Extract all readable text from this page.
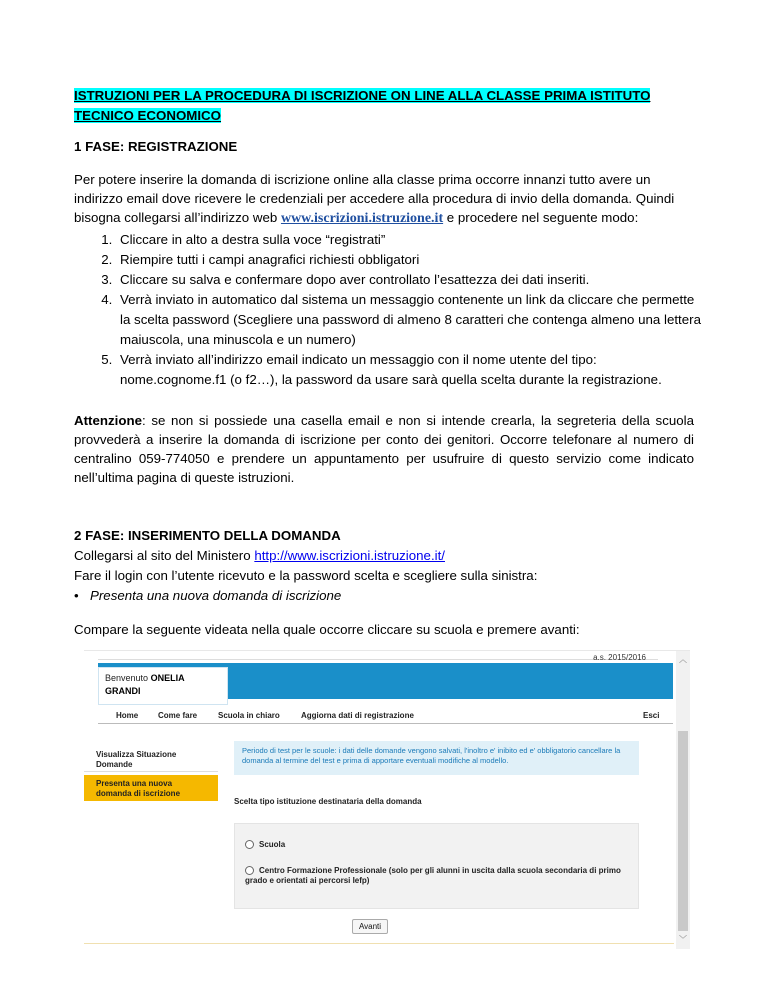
ISTRUZIONI PER LA PROCEDURA DI ISCRIZIONE ON LINE ALLA CLASSE PRIMA ISTITUTO TECNICO ECONOMICO
1 FASE: REGISTRAZIONE
Per potere inserire la domanda di iscrizione online alla classe prima occorre innanzi tutto avere un indirizzo email dove ricevere le credenziali per accedere alla procedura di invio della domanda. Quindi bisogna collegarsi all’indirizzo web www.iscrizioni.istruzione.it e procedere nel seguente modo:
1. Cliccare in alto a destra sulla voce “registrati”
2. Riempire tutti i campi anagrafici richiesti obbligatori
3. Cliccare su salva e confermare dopo aver controllato l’esattezza dei dati inseriti.
4. Verrà inviato in automatico dal sistema un messaggio contenente un link da cliccare che permette la scelta password (Scegliere una password di almeno 8 caratteri che contenga almeno una lettera maiuscola, una minuscola e un numero)
5. Verrà inviato all’indirizzo email indicato un messaggio con il nome utente del tipo: nome.cognome.f1 (o f2…), la password da usare sarà quella scelta durante la registrazione.
Attenzione: se non si possiede una casella email e non si intende crearla, la segreteria della scuola provvederà a inserire la domanda di iscrizione per conto dei genitori. Occorre telefonare al numero di centralino 059-774050 e prendere un appuntamento per usufruire di questo servizio come indicato nell’ultima pagina di queste istruzioni.
2 FASE: INSERIMENTO DELLA DOMANDA
Collegarsi al sito del Ministero http://www.iscrizioni.istruzione.it/
Fare il login con l’utente ricevuto e la password scelta e scegliere sulla sinistra:
• Presenta una nuova domanda di iscrizione
Compare la seguente videata nella quale occorre cliccare su scuola e premere avanti:
a.s. 2015/2016
Benvenuto ONELIA
GRANDI
Home Come fare	Scuola in chiaro	Aggiorna dati di registrazione	Esci
Visualizza Situazione Domande
Presenta una nuova domanda di iscrizione
Periodo di test per le scuole: i dati delle domande vengono salvati, l'inoltro e' inibito ed e' obbligatorio cancellare la domanda al termine del test e prima di apportare eventuali modifiche al modello.
Scelta tipo istituzione destinataria della domanda
Scuola
Centro Formazione Professionale (solo per gli alunni in uscita dalla scuola secondaria di primo grado e orientati ai percorsi Iefp)
Avanti
︿
﹀
